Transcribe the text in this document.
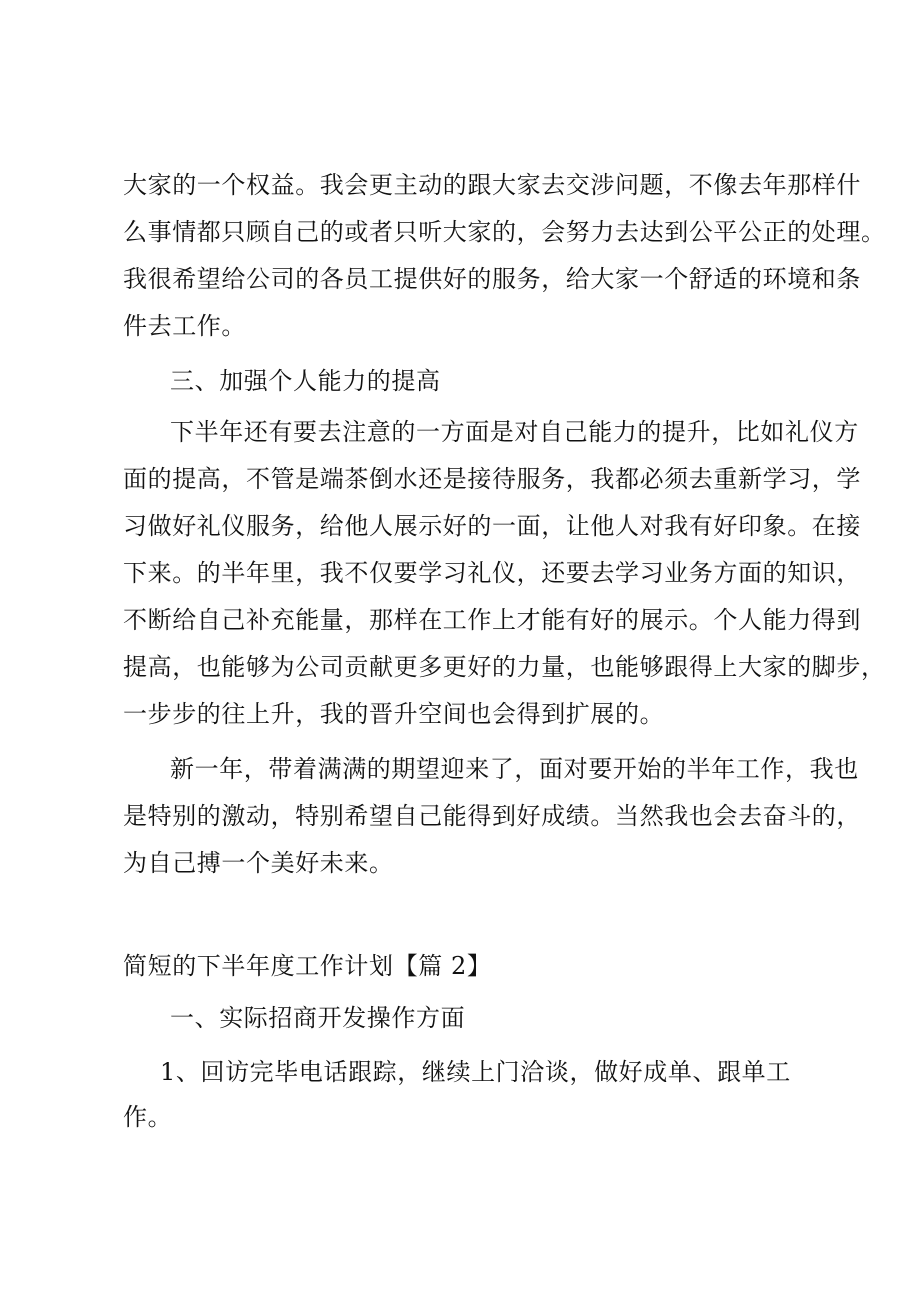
大家的一个权益。我会更主动的跟大家去交涉问题，不像去年那样什
么事情都只顾自己的或者只听大家的，会努力去达到公平公正的处理。
我很希望给公司的各员工提供好的服务，给大家一个舒适的环境和条
件去工作。
三、加强个人能力的提高
下半年还有要去注意的一方面是对自己能力的提升，比如礼仪方
面的提高，不管是端茶倒水还是接待服务，我都必须去重新学习，学
习做好礼仪服务，给他人展示好的一面，让他人对我有好印象。在接
下来。的半年里，我不仅要学习礼仪，还要去学习业务方面的知识，
不断给自己补充能量，那样在工作上才能有好的展示。个人能力得到
提高，也能够为公司贡献更多更好的力量，也能够跟得上大家的脚步，
一步步的往上升，我的晋升空间也会得到扩展的。
新一年，带着满满的期望迎来了，面对要开始的半年工作，我也
是特别的激动，特别希望自己能得到好成绩。当然我也会去奋斗的，
为自己搏一个美好未来。
简短的下半年度工作计划【篇 2】
一、实际招商开发操作方面
1、回访完毕电话跟踪，继续上门洽谈，做好成单、跟单工
作。
